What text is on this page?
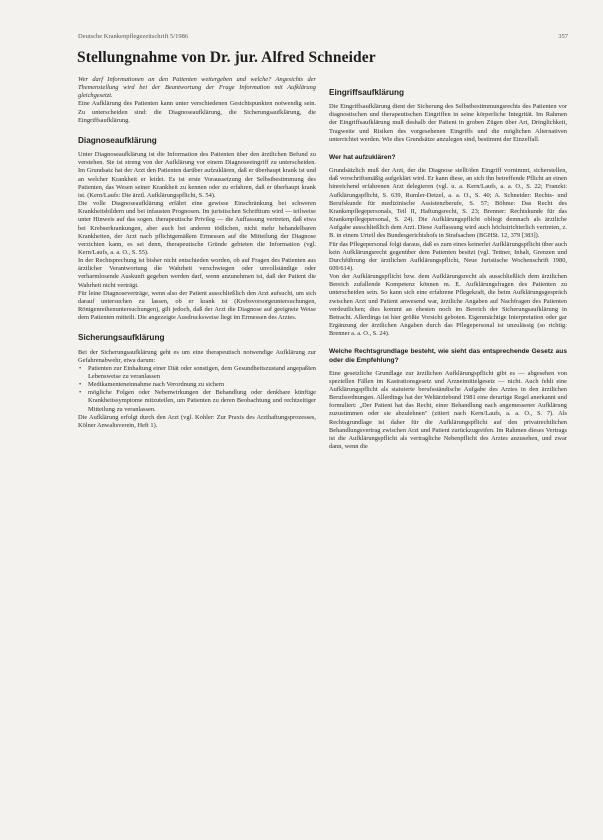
Deutsche Krankenpflegezeitschrift 5/1986	357
Stellungnahme von Dr. jur. Alfred Schneider

Wer darf Informationen an den Patienten weitergeben und welche? Angesichts der Themenstellung wird bei der Beantwortung der Frage Information mit Aufklärung gleichgesetzt.

Eine Aufklärung des Patienten kann unter verschiedenen Gesichtspunkten notwendig sein. Zu unterscheiden sind: die Diagnoseaufklärung, die Sicherungsaufklärung, die Eingriffsaufklärung.

Diagnoseaufklärung

Unter Diagnoseaufklärung ist die Information des Patienten über den ärztlichen Befund zu verstehen. Sie ist streng von der Aufklärung vor einem Diagnoseeingriff zu unterscheiden. Im Grundsatz hat der Arzt den Patienten darüber aufzuklären, daß er überhaupt krank ist und an welcher Krankheit er leidet. Es ist erste Voraussetzung der Selbstbestimmung des Patienten, das Wesen seiner Krankheit zu kennen oder zu erfahren, daß er überhaupt krank ist. (Kern/Laufs: Die ärztl. Aufklärungspflicht, S. 54).

Die volle Diagnoseaufklärung erfährt eine gewisse Einschränkung bei schweren Krankheitsbildern und bei infausten Prognosen. Im juristischen Schrifttum wird — teilweise unter Hinweis auf das sogen. therapeutische Privileg — die Auffassung vertreten, daß etwa bei Krebserkrankungen, aber auch bei anderen tödlichen, nicht mehr behandelbaren Krankheiten, der Arzt nach pflichtgemäßem Ermessen auf die Mitteilung der Diagnose verzichten kann, es sei denn, therapeutische Gründe gebieten die Information (vgl. Kern/Laufs, a. a. O., S. 55).

In der Rechtsprechung ist bisher nicht entschieden worden, ob auf Fragen des Patienten aus ärztlicher Verantwortung die Wahrheit verschwiegen oder unvollständige oder verharmlosende Auskunft gegeben werden darf, wenn anzunehmen ist, daß der Patient die Wahrheit nicht verträgt.

Für leine Diagnoseverträge, wenn also der Patient ausschließlich den Arzt aufsucht, um sich darauf untersuchen zu lassen, ob er krank ist (Krebsvorsorgeuntersuchungen, Röntgenreihenuntersuchungen), gilt jedoch, daß der Arzt die Diagnose auf geeignete Weise dem Patienten mitteilt. Die angezeigte Ausdrucksweise liegt im Ermessen des Arztes.

Sicherungsaufklärung

Bei der Sicherungsaufklärung geht es um eine therapeutisch notwendige Aufklärung zur Gefahrenabwehr, etwa darum:

• Patienten zur Einhaltung einer Diät oder sonstigen, dem Gesundheitszustand angepaßten Lebensweise zu veranlassen
• Medikamenteneinnahme nach Verordnung zu sichern
• mögliche Folgen oder Nebenwirkungen der Behandlung oder denkbare künftige Krankheitssymptome mitzuteilen, um Patienten zu deren Beobachtung und rechtzeitiger Mitteilung zu veranlassen.

Die Aufklärung erfolgt durch den Arzt (vgl. Kohler: Zur Praxis des Arzthaftungsprozesses, Kölner Anwaltsverein, Heft 1).

Eingriffsaufklärung

Die Eingriffsaufklärung dient der Sicherung des Selbstbestimmungsrechts des Patienten vor diagnostischen und therapeutischen Eingriffen in seine körperliche Integrität. Im Rahmen der Eingriffsaufklärung muß deshalb der Patient in groben Zügen über Art, Dringlichkeit, Tragweite und Risiken des vorgesehenen Eingriffs und die möglichen Alternativen unterrichtet werden. Wie dies Grundsätze anzulegen sind, bestimmt der Einzelfall.

Wer hat aufzuklären?

Grundsätzlich muß der Arzt, der die Diagnose stellt/den Eingriff vornimmt, sicherstellen, daß vorschriftsmäßig aufgeklärt wird. Er kann diese, an sich ihn betreffende Pflicht an einen hinreichend erfahrenen Arzt delegieren (vgl. u. a. Kern/Laufs, a. a. O., S. 22; Franzki: Aufklärungspflicht, S. 639, Rumler-Detzel, a. a. O., S. 40; A. Schneider: Rechts- und Berufskunde für medizinische Assistenzberufe, S. 57; Böhme: Das Recht des Krankenpflegepersonals, Teil II, Haftungsrecht, S. 23; Brenner: Rechtskunde für das Krankenpflegepersonal, S. 24). Die Aufklärungspflicht obliegt demnach als ärztliche Aufgabe ausschließlich dem Arzt. Diese Auffassung wird auch höchstrichterlich vertreten, z. B. in einem Urteil des Bundesgerichtshofs in Strafsachen (BGHSt. 12, 379 [383]).

Für das Pflegepersonal folgt daraus, daß es zum eines keinerlei Aufklärungspflicht über auch kein Aufklärungsrecht gegenüber dem Patienten besitzt (vgl. Tettner, Inhalt, Grenzen und Durchführung der ärztlichen Aufklärungspflicht, Neue Juristische Wochenschrift 1980, 609/614).

Von der Aufklärungspflicht bzw. dem Aufklärungsrecht als ausschließlich dem ärztlichen Bereich zufallende Kompetenz können m. E. Aufklärungsfragen des Patienten zu unterscheiden sein. So kann sich eine erfahrene Pflegekraft, die beim Aufklärungsgespräch zwischen Arzt und Patient anwesend war, ärztliche Angaben auf Nachfragen des Patienten verdeutlichen; dies kommt an ehesten noch im Bereich der Sicherungsaufklärung in Betracht. Allerdings ist hier größte Vorsicht geboten. Eigenmächtige Interpretation oder gar Ergänzung der ärztlichen Angaben durch das Pflegepersonal ist unzulässig (so richtig: Brenner a. a. O., S. 24).

Welche Rechtsgrundlage besteht, wie sieht das entsprechende Gesetz aus oder die Empfehlung?

Eine gesetzliche Grundlage zur ärztlichen Aufklärungspflicht gibt es — abgesehen von speziellen Fällen im Kastrationsgesetz und Arzneimittelgesetz — nicht. Auch fehlt eine Aufklärungspflicht als statuierte berufsständische Aufgabe des Arztes in den ärztlichen Berufsordnungen. Allerdings hat der Weltärztebund 1981 eine derartige Regel anerkannt und formuliert: „Der Patient hat das Recht, einer Behandlung nach angemessener Aufklärung zuzustimmen oder sie abzulehnen" (zitiert nach Kern/Laufs, a. a. O., S. 7). Als Rechtsgrundlage ist daher für die Aufklärungspflicht auf den privatrechtlichen Behandlungsvertrag zwischen Arzt und Patient zurückzugreifen. Im Rahmen dieses Vertrags ist die Aufklärungspflicht als vertragliche Nebenpflicht des Arztes anzusehen, und zwar dann, wenn die
